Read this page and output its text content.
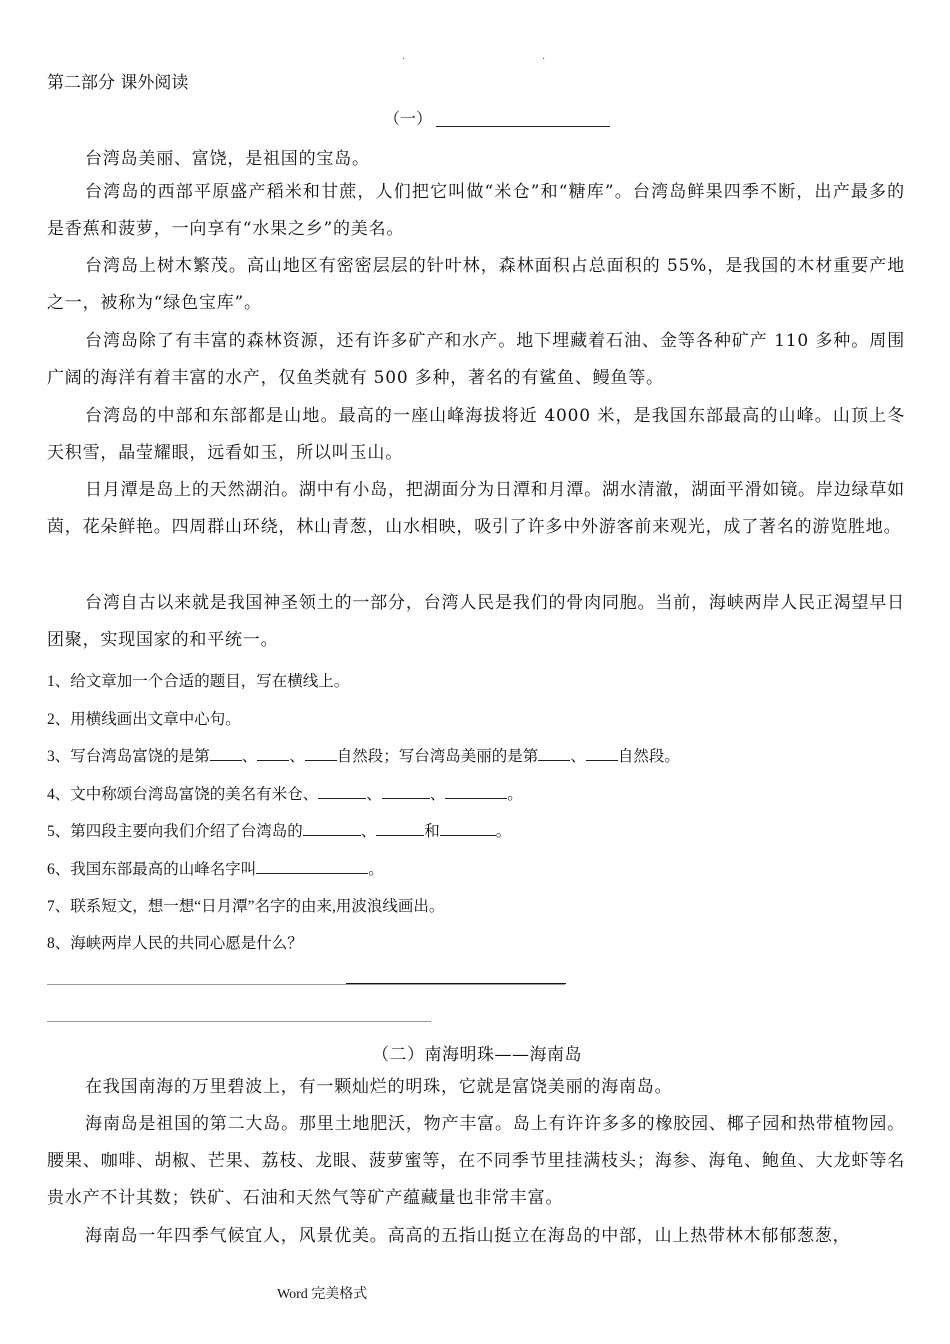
·	·
第二部分 课外阅读
（一）

台湾岛美丽、富饶，是祖国的宝岛。

台湾岛的西部平原盛产稻米和甘蔗，人们把它叫做“米仓”和“糖库”。台湾岛鲜果四季不断，出产最多的是香蕉和菠萝，一向享有“水果之乡”的美名。

台湾岛上树木繁茂。高山地区有密密层层的针叶林，森林面积占总面积的 55%，是我国的木材重要产地之一，被称为“绿色宝库”。

台湾岛除了有丰富的森林资源，还有许多矿产和水产。地下埋藏着石油、金等各种矿产 110 多种。周围广阔的海洋有着丰富的水产，仅鱼类就有 500 多种，著名的有鲨鱼、鳗鱼等。

台湾岛的中部和东部都是山地。最高的一座山峰海拔将近 4000 米，是我国东部最高的山峰。山顶上冬天积雪，晶莹耀眼，远看如玉，所以叫玉山。

日月潭是岛上的天然湖泊。湖中有小岛，把湖面分为日潭和月潭。湖水清澈，湖面平滑如镜。岸边绿草如茵，花朵鲜艳。四周群山环绕，林山青葱，山水相映，吸引了许多中外游客前来观光，成了著名的游览胜地。

台湾自古以来就是我国神圣领土的一部分，台湾人民是我们的骨肉同胞。当前，海峡两岸人民正渴望早日团聚，实现国家的和平统一。

1、给文章加一个合适的题目，写在横线上。
2、用横线画出文章中心句。
3、写台湾岛富饶的是第 、 、 自然段；写台湾岛美丽的是第 、 自然段。
4、文中称颂台湾岛富饶的美名有米仓、	、	、	。
5、第四段主要向我们介绍了台湾岛的	、	和	。
6、我国东部最高的山峰名字叫	。
7、联系短文，想一想“日月潭”名字的由来,用波浪线画出。
8、海峡两岸人民的共同心愿是什么？
（二）南海明珠——海南岛

在我国南海的万里碧波上，有一颗灿烂的明珠，它就是富饶美丽的海南岛。

海南岛是祖国的第二大岛。那里土地肥沃，物产丰富。岛上有许许多多的橡胶园、椰子园和热带植物园。腰果、咖啡、胡椒、芒果、荔枝、龙眼、菠萝蜜等，在不同季节里挂满枝头；海参、海龟、鲍鱼、大龙虾等名贵水产不计其数；铁矿、石油和天然气等矿产蕴藏量也非常丰富。

海南岛一年四季气候宜人，风景优美。高高的五指山挺立在海岛的中部，山上热带林木郁郁葱葱，

Word 完美格式
